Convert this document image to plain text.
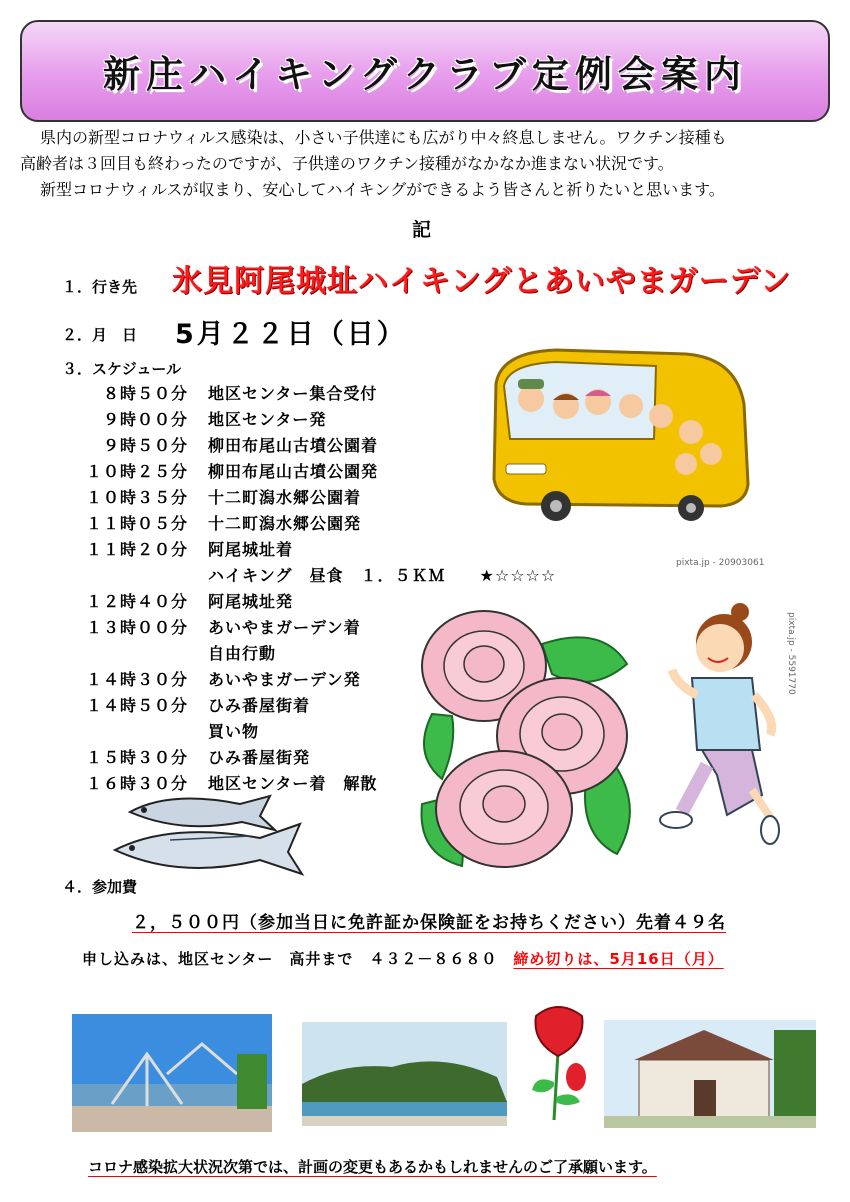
新庄ハイキングクラブ定例会案内
県内の新型コロナウィルス感染は、小さい子供達にも広がり中々終息しません。ワクチン接種も
高齢者は３回目も終わったのですが、子供達のワクチン接種がなかなか進まない状況です。
新型コロナウィルスが収まり、安心してハイキングができるよう皆さんと祈りたいと思います。
記
１．行き先 氷見阿尾城址ハイキングとあいやまガーデン
２．月　日 5月２２日（日）
３．スケジュール
８時５０分 地区センター集合受付
９時００分 地区センター発
９時５０分 柳田布尾山古墳公園着
１０時２５分 柳田布尾山古墳公園発
１０時３５分 十二町潟水郷公園着
１１時０５分 十二町潟水郷公園発
１１時２０分 阿尾城址着
ハイキング　昼食　１．５ＫＭ　　★☆☆☆☆
１２時４０分 阿尾城址発
１３時００分 あいやまガーデン着
自由行動
１４時３０分 あいやまガーデン発
１４時５０分 ひみ番屋街着
買い物
１５時３０分 ひみ番屋街発
１６時３０分 地区センター着　解散
pixta.jp - 20903061
pixta.jp - 5591770
４．参加費
２，５００円（参加当日に免許証か保険証をお持ちください）先着４９名
申し込みは、地区センター　高井まで　４３２－８６８０　 締め切りは、5月16日（月）
コロナ感染拡大状況次第では、計画の変更もあるかもしれませんのご了承願います。
